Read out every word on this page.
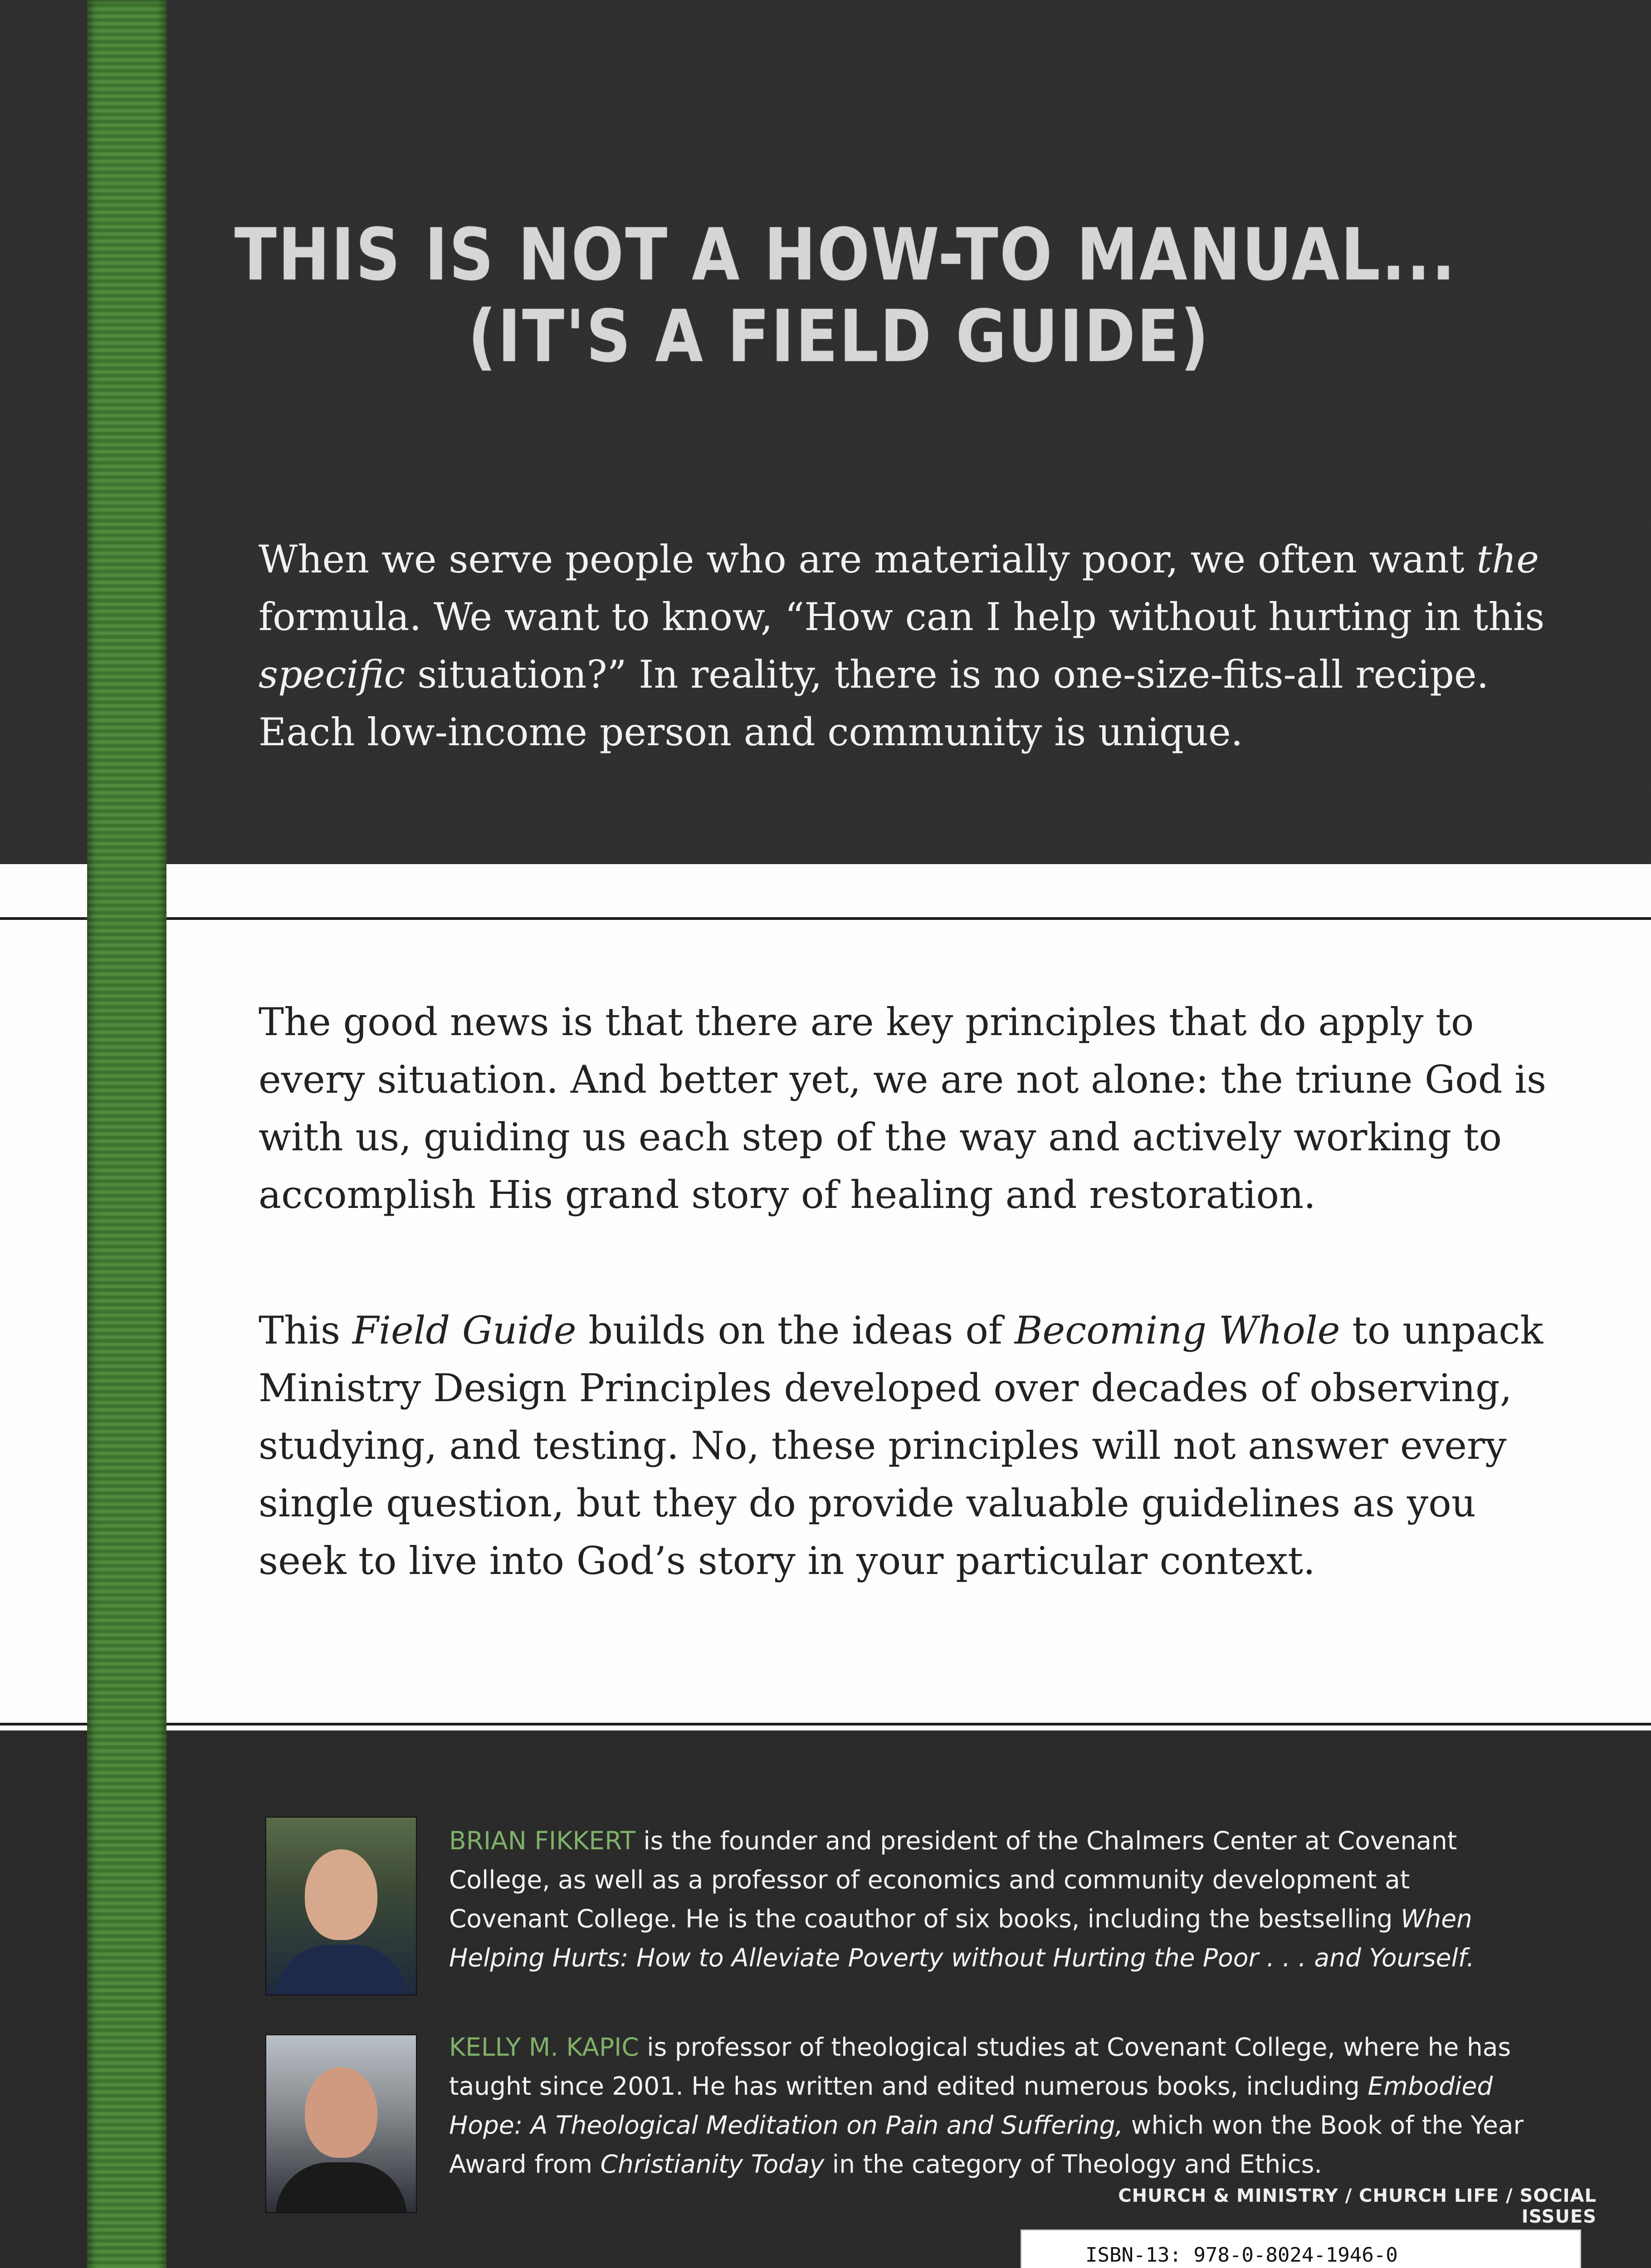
THIS IS NOT A HOW-TO MANUAL...
(IT'S A FIELD GUIDE)
When we serve people who are materially poor, we often want the formula. We want to know, “How can I help without hurting in this specific situation?” In reality, there is no one-size-fits-all recipe. Each low-income person and community is unique.
The good news is that there are key principles that do apply to every situation. And better yet, we are not alone: the triune God is with us, guiding us each step of the way and actively working to accomplish His grand story of healing and restoration.
This Field Guide builds on the ideas of Becoming Whole to unpack Ministry Design Principles developed over decades of observing, studying, and testing. No, these principles will not answer every single question, but they do provide valuable guidelines as you seek to live into God’s story in your particular context.
BRIAN FIKKERT is the founder and president of the Chalmers Center at Covenant College, as well as a professor of economics and community development at Covenant College. He is the coauthor of six books, including the bestselling When Helping Hurts: How to Alleviate Poverty without Hurting the Poor . . . and Yourself.
KELLY M. KAPIC is professor of theological studies at Covenant College, where he has taught since 2001. He has written and edited numerous books, including Embodied Hope: A Theological Meditation on Pain and Suffering, which won the Book of the Year Award from Christianity Today in the category of Theology and Ethics.
CHURCH & MINISTRY / CHURCH LIFE / SOCIAL ISSUES
ISBN-13: 978-0-8024-1946-0
